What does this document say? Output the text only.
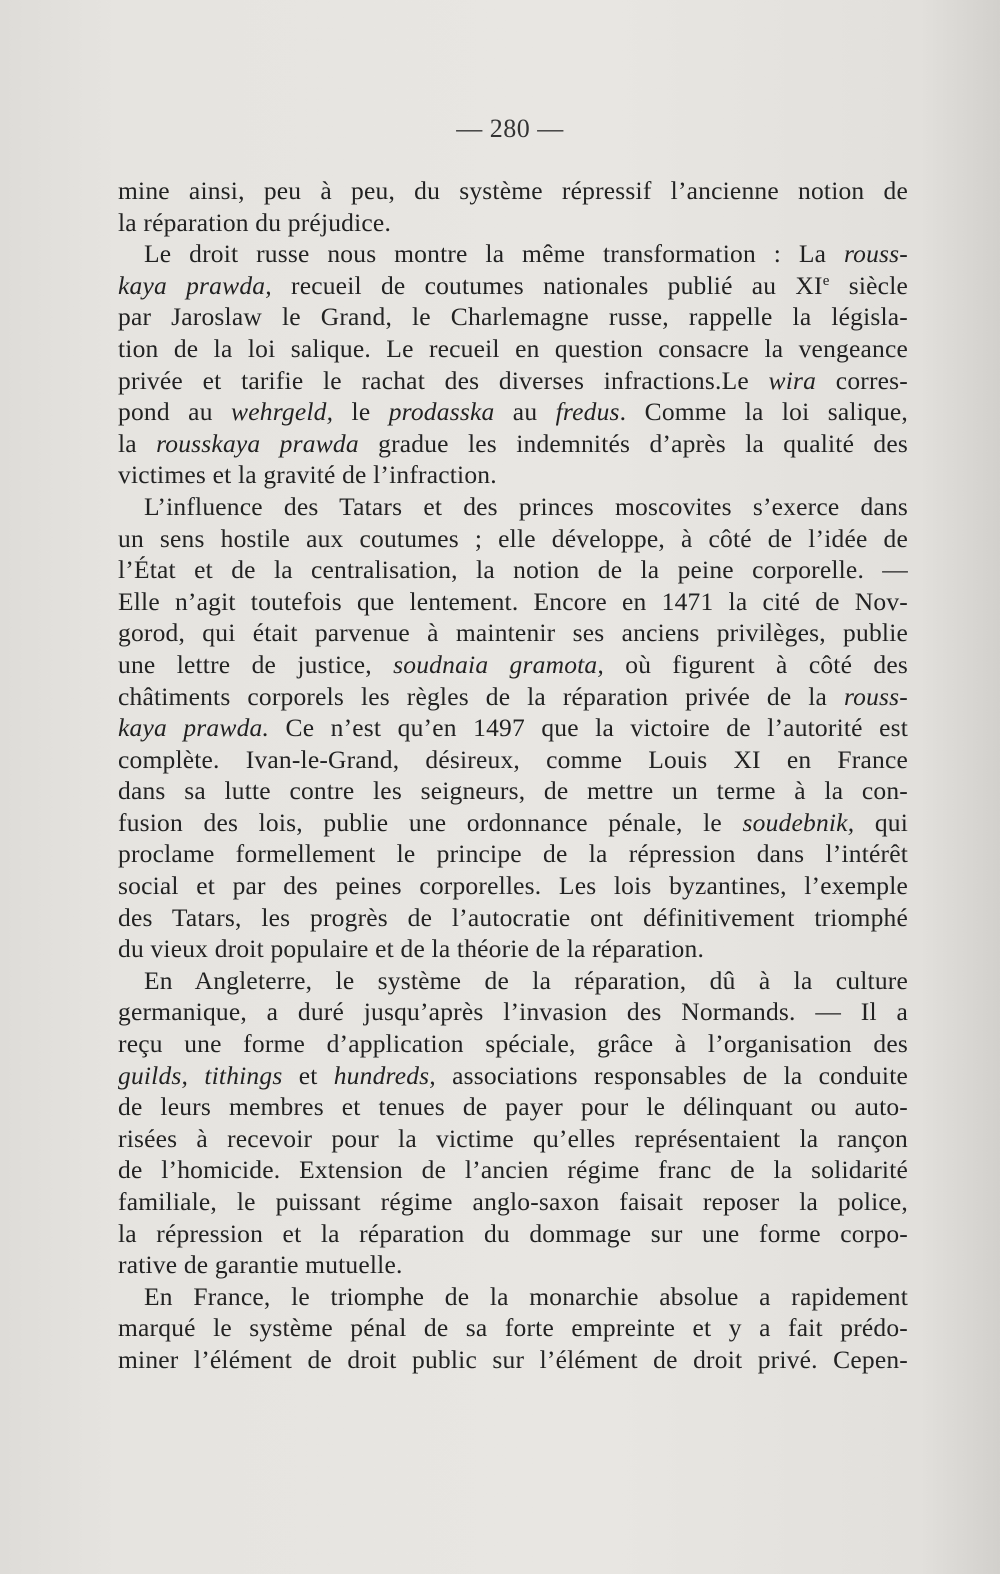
— 280 —
mine ainsi, peu à peu, du système répressif l’ancienne notion de
la réparation du préjudice.
Le droit russe nous montre la même transformation : La rouss-
kaya prawda, recueil de coutumes nationales publié au XIe siècle
par Jaroslaw le Grand, le Charlemagne russe, rappelle la législa-
tion de la loi salique. Le recueil en question consacre la vengeance
privée et tarifie le rachat des diverses infractions.Le wira corres-
pond au wehrgeld, le prodasska au fredus. Comme la loi salique,
la rousskaya prawda gradue les indemnités d’après la qualité des
victimes et la gravité de l’infraction.
L’influence des Tatars et des princes moscovites s’exerce dans
un sens hostile aux coutumes ; elle développe, à côté de l’idée de
l’État et de la centralisation, la notion de la peine corporelle. —
Elle n’agit toutefois que lentement. Encore en 1471 la cité de Nov-
gorod, qui était parvenue à maintenir ses anciens privilèges, publie
une lettre de justice, soudnaia gramota, où figurent à côté des
châtiments corporels les règles de la réparation privée de la rouss-
kaya prawda. Ce n’est qu’en 1497 que la victoire de l’autorité est
complète. Ivan-le-Grand, désireux, comme Louis XI en France
dans sa lutte contre les seigneurs, de mettre un terme à la con-
fusion des lois, publie une ordonnance pénale, le soudebnik, qui
proclame formellement le principe de la répression dans l’intérêt
social et par des peines corporelles. Les lois byzantines, l’exemple
des Tatars, les progrès de l’autocratie ont définitivement triomphé
du vieux droit populaire et de la théorie de la réparation.
En Angleterre, le système de la réparation, dû à la culture
germanique, a duré jusqu’après l’invasion des Normands. — Il a
reçu une forme d’application spéciale, grâce à l’organisation des
guilds, tithings et hundreds, associations responsables de la conduite
de leurs membres et tenues de payer pour le délinquant ou auto-
risées à recevoir pour la victime qu’elles représentaient la rançon
de l’homicide. Extension de l’ancien régime franc de la solidarité
familiale, le puissant régime anglo-saxon faisait reposer la police,
la répression et la réparation du dommage sur une forme corpo-
rative de garantie mutuelle.
En France, le triomphe de la monarchie absolue a rapidement
marqué le système pénal de sa forte empreinte et y a fait prédo-
miner l’élément de droit public sur l’élément de droit privé. Cepen-
